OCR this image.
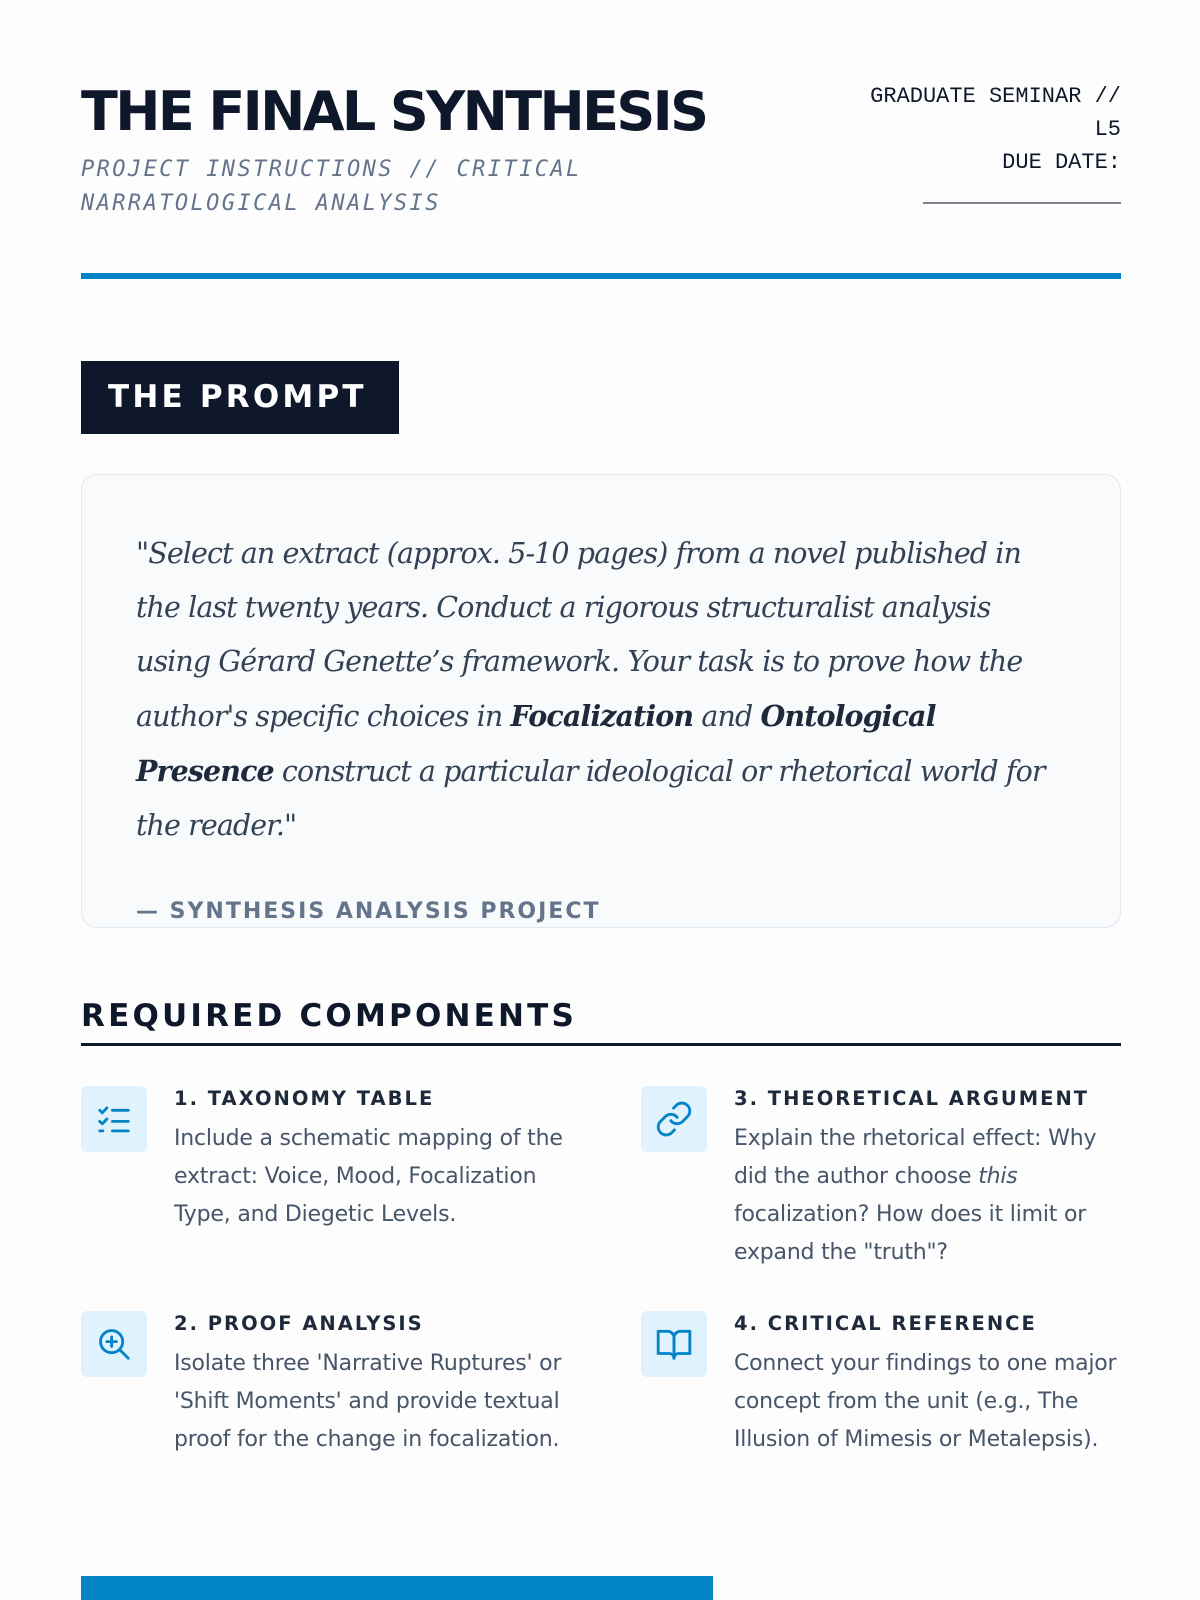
THE FINAL SYNTHESIS
PROJECT INSTRUCTIONS // CRITICAL NARRATOLOGICAL ANALYSIS
GRADUATE SEMINAR //
L5
DUE DATE:
_______________
THE PROMPT

"Select an extract (approx. 5-10 pages) from a novel published in the last twenty years. Conduct a rigorous structuralist analysis using Gérard Genette’s framework. Your task is to prove how the author's specific choices in Focalization and Ontological Presence construct a particular ideological or rhetorical world for the reader."

— SYNTHESIS ANALYSIS PROJECT
REQUIRED COMPONENTS
1. TAXONOMY TABLE
Include a schematic mapping of the extract: Voice, Mood, Focalization Type, and Diegetic Levels.
2. PROOF ANALYSIS
Isolate three 'Narrative Ruptures' or 'Shift Moments' and provide textual proof for the change in focalization.
3. THEORETICAL ARGUMENT
Explain the rhetorical effect: Why did the author choose this focalization? How does it limit or expand the "truth"?
4. CRITICAL REFERENCE
Connect your findings to one major concept from the unit (e.g., The Illusion of Mimesis or Metalepsis).
